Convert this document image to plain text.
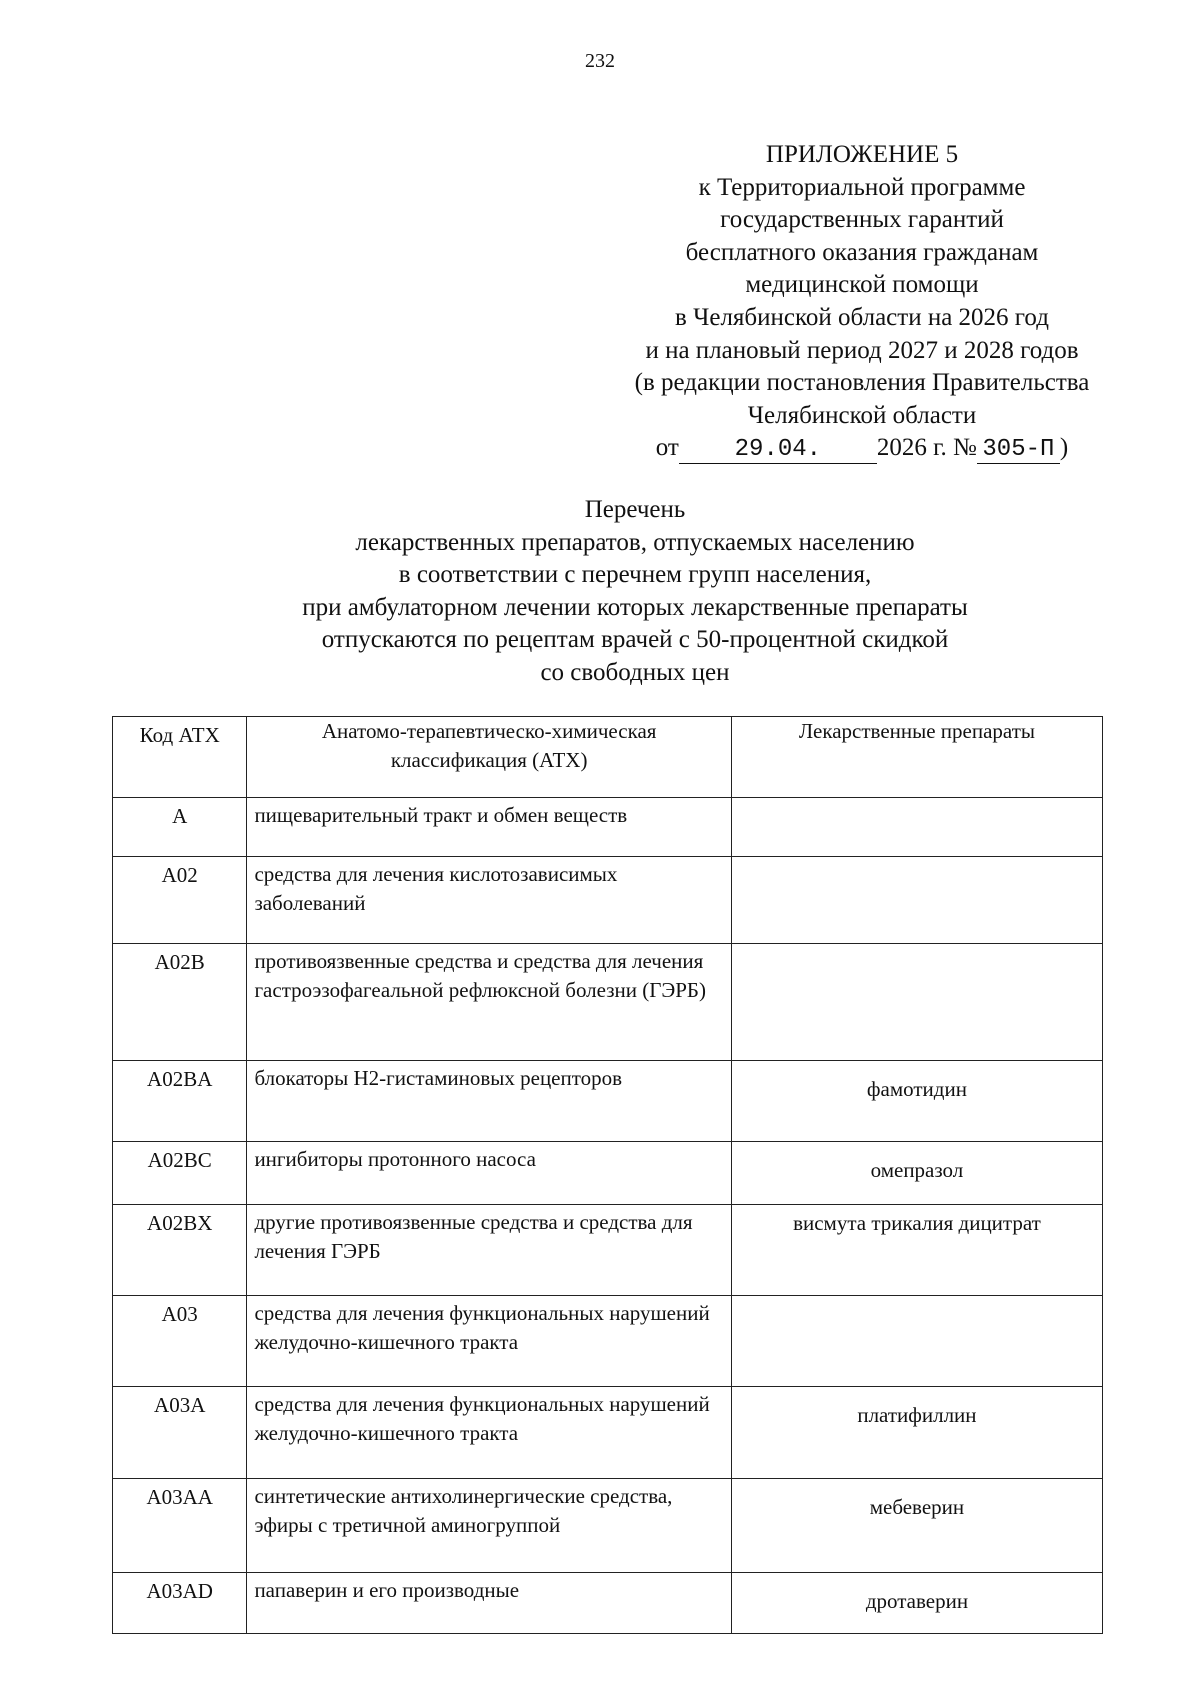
232
ПРИЛОЖЕНИЕ 5
к Территориальной программе
государственных гарантий
бесплатного оказания гражданам
медицинской помощи
в Челябинской области на 2026 год
и на плановый период 2027 и 2028 годов
(в редакции постановления Правительства
Челябинской области
от 29.04. 2026 г. № 305-П )
Перечень
лекарственных препаратов, отпускаемых населению
в соответствии с перечнем групп населения,
при амбулаторном лечении которых лекарственные препараты
отпускаются по рецептам врачей с 50-процентной скидкой
со свободных цен
Код АТХ	Анатомо-терапевтическо-химическая классификация (АТХ)	Лекарственные препараты
A	пищеварительный тракт и обмен веществ	
A02	средства для лечения кислотозависимых заболеваний	
A02B	противоязвенные средства и средства для лечения гастроэзофагеальной рефлюксной болезни (ГЭРБ)	
A02BA	блокаторы Н2-гистаминовых рецепторов	фамотидин
A02BC	ингибиторы протонного насоса	омепразол
A02BX	другие противоязвенные средства и средства для лечения ГЭРБ	висмута трикалия дицитрат
A03	средства для лечения функциональных нарушений желудочно-кишечного тракта	
A03A	средства для лечения функциональных нарушений желудочно-кишечного тракта	платифиллин
A03AA	синтетические антихолинергические средства, эфиры с третичной аминогруппой	мебеверин
A03AD	папаверин и его производные	дротаверин
